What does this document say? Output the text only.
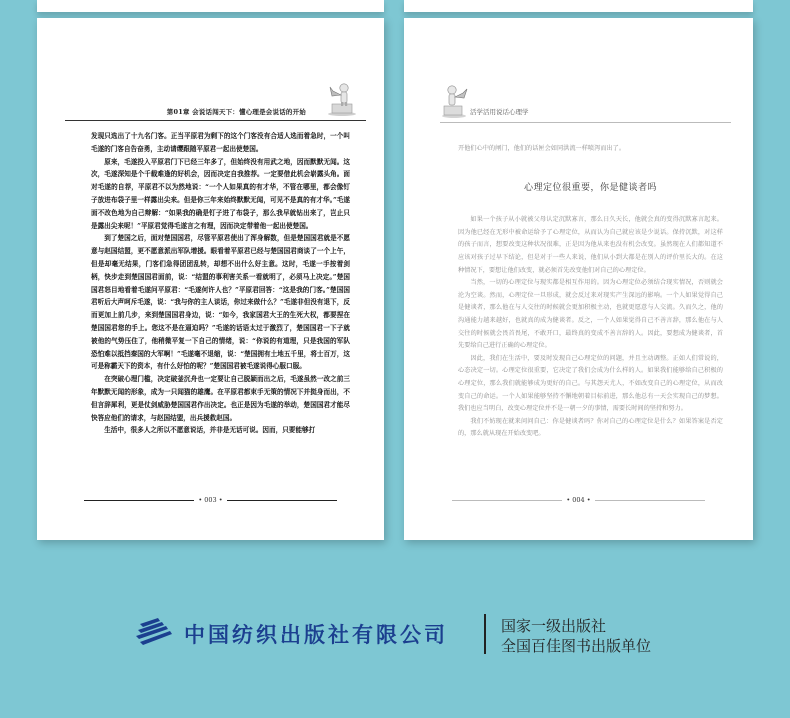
第01章 会说话闯天下：懂心理是会说话的开始

发现只选出了十九名门客。正当平原君为剩下的这个门客没有合适人选而着急时，一个叫毛遂的门客自告奋勇，主动请缨跟随平原君一起出使楚国。

原来，毛遂投入平原君门下已经三年多了，但始终没有用武之地，因而默默无闻。这次，毛遂深知是个千载难逢的好机会，因而决定自我推荐。一定要借此机会崭露头角。面对毛遂的自荐，平原君不以为然地说：“一个人如果真的有才华，不管在哪里，都会像钉子放进布袋子里一样露出尖来。但是你三年来始终默默无闻，可见不是真的有才华。”毛遂面不改色地为自己辩解：“如果我的确是钉子进了布袋子，那么我早就钻出来了，岂止只是露出尖来呢！”平原君觉得毛遂言之有理，因而决定带着他一起出使楚国。

到了楚国之后，面对楚国国君，尽管平原君使出了浑身解数，但是楚国国君就是不愿意与赵国结盟，更不愿意派出军队增援。眼看着平原君已经与楚国国君商谈了一个上午，但是却毫无结果，门客们急得团团乱转，却想不出什么好主意。这时，毛遂一手按着剑柄，快步走到楚国国君面前，说：“结盟的事利害关系一看就明了，必须马上决定。”楚国国君怒目地看着毛遂问平原君：“毛遂何许人也？”平原君回答：“这是我的门客。”楚国国君听后大声呵斥毛遂，说：“我与你的主人谈话，你过来做什么？”毛遂非但没有退下，反而更加上前几步，来到楚国国君身边，说：“如今，我家国君大王的生死大权，都要捏在楚国国君您的手上。您这不是在逼迫吗？”毛遂的话语太过于激烈了，楚国国君一下子就被他的气势压住了，他稍微平复一下自己的情绪，说：“你说的有道理，只是我国的军队恐怕难以抵挡秦国的大军啊！”毛遂毫不退缩，说：“楚国拥有土地五千里，将士百万，这可是称霸天下的资本，有什么好怕的呢？”楚国国君被毛遂说得心服口服。

在突破心理门槛，决定破釜沉舟也一定要让自己脱颖而出之后，毛遂虽然一改之前三年默默无闻的形象，成为一只闻猫的雄鹰。在平原君都束手无策的情况下并挺身而出，不但言辞犀利，更是仗剑威胁楚国国君作出决定。也正是因为毛遂的举动，楚国国君才能尽快答应他们的请求，与赵国结盟，出兵援救赵国。

生活中，很多人之所以不愿意说话，并非是无话可说。因而，只要能够打

• 003 •
活学活用说话心理学

开他们心中的闸门，他们的话匣会如同洪流一样喷泻而出了。

心理定位很重要，你是健谈者吗

如果一个孩子从小就被父母认定沉默寡言，那么日久天长，他就会真的变得沉默寡言起来。因为他已经在无形中被命运给予了心理定位，从而认为自己就应该是少说话。保持沉默，对这样的孩子而言，想要改变这种状况很难，正是因为他从来也没有机会改变。虽然现在人们都知道不应该对孩子过早下结论，但是对于一些人来说，他们从小到大都是在别人的评价里长大的。在这种情况下，要想让他们改变，就必须首先改变他们对自己的心理定位。

当然，一切的心理定位与现实都是相互作用的。因为心理定位必须结合现实情况，否则就会沦为空谈。然而，心理定位一旦形成，就会反过来对现实产生深远的影响。一个人如果觉得自己是健谈者，那么他在与人交往的时候就会更加积极主动，也就更愿意与人交流。久而久之，他的沟通能力越来越好，也就真的成为健谈者。反之，一个人如果觉得自己不善言辞，那么他在与人交往的时候就会畏首畏尾，不敢开口，最终真的变成不善言辞的人。因此，要想成为健谈者，首先要给自己进行正确的心理定位。

因此，我们在生活中，要及时发现自己心理定位的问题，并且主动调整。正如人们常说的，心态决定一切。心理定位很重要，它决定了我们会成为什么样的人。如果我们能够给自己积极的心理定位，那么我们就能够成为更好的自己。与其怨天尤人，不如改变自己的心理定位，从而改变自己的命运。一个人如果能够坚持不懈地朝着目标前进，那么他总有一天会实现自己的梦想。我们也应当明白，改变心理定位并不是一朝一夕的事情，需要长时间的坚持和努力。

我们不妨现在就来问问自己：你是健谈者吗？你对自己的心理定位是什么？如果答案是否定的，那么就从现在开始改变吧。

• 004 •
中国纺织出版社有限公司	国家一级出版社
全国百佳图书出版单位
